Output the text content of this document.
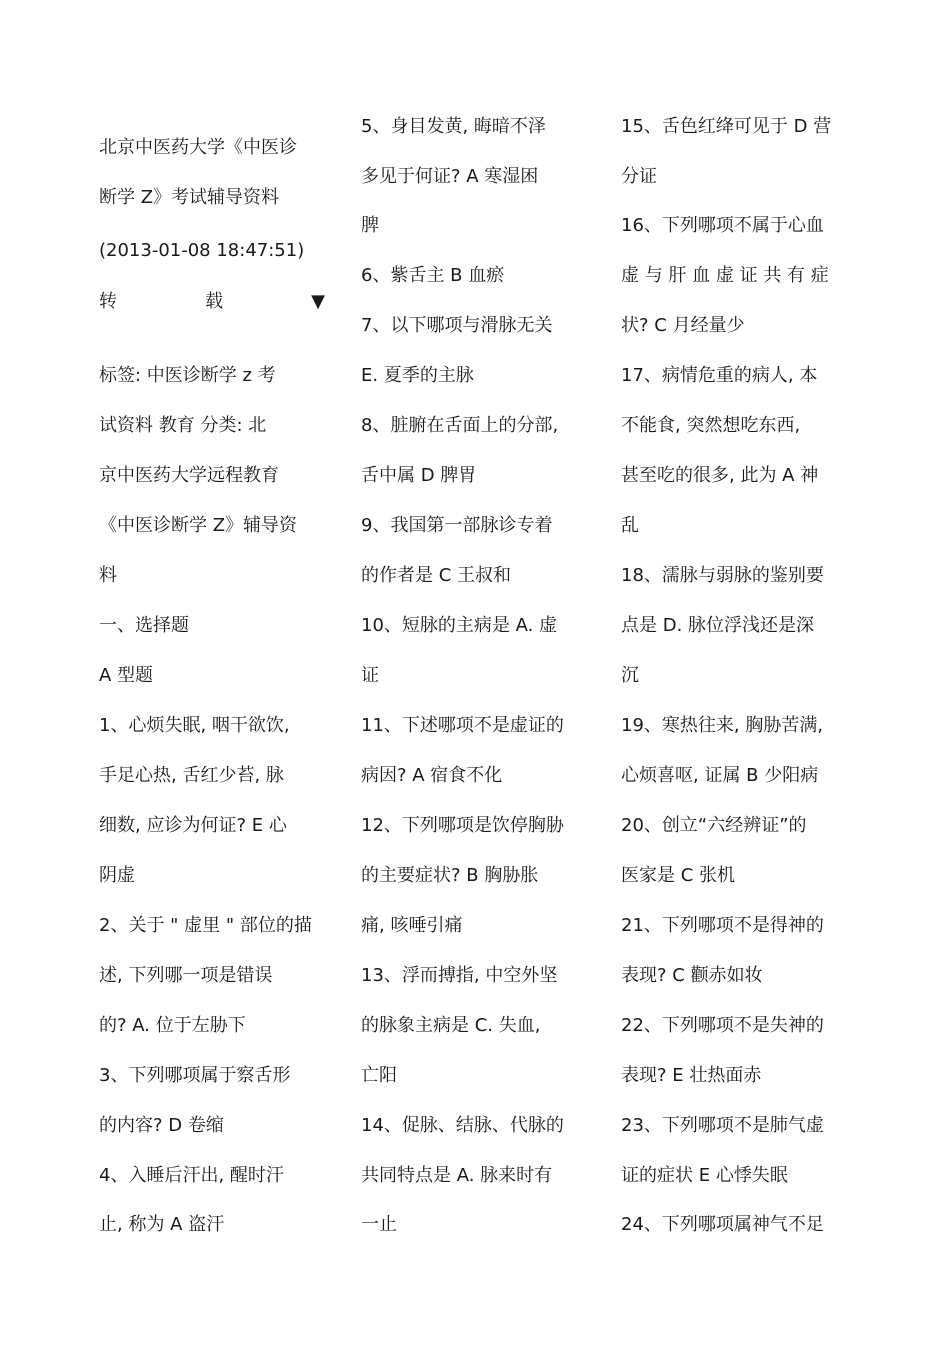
北京中医药大学《中医诊
断学 Z》考试辅导资料
(2013-01-08 18:47:51)
转	载	▼
标签: 中医诊断学 z 考
试资料 教育 分类: 北
京中医药大学远程教育
《中医诊断学 Z》辅导资
料
一、选择题
A 型题
1、心烦失眠, 咽干欲饮,
手足心热, 舌红少苔, 脉
细数, 应诊为何证? E 心
阴虚
2、关于 " 虚里 " 部位的描
述, 下列哪一项是错误
的? A. 位于左胁下
3、下列哪项属于察舌形
的内容? D 卷缩
4、入睡后汗出, 醒时汗
止, 称为 A 盗汗
5、身目发黄, 晦暗不泽
多见于何证? A 寒湿困
脾
6、紫舌主 B 血瘀
7、以下哪项与滑脉无关
E. 夏季的主脉
8、脏腑在舌面上的分部,
舌中属 D 脾胃
9、我国第一部脉诊专着
的作者是 C 王叔和
10、短脉的主病是 A. 虚
证
11、下述哪项不是虚证的
病因? A 宿食不化
12、下列哪项是饮停胸胁
的主要症状? B 胸胁胀
痛, 咳唾引痛
13、浮而搏指, 中空外坚
的脉象主病是 C. 失血,
亡阳
14、促脉、结脉、代脉的
共同特点是 A. 脉来时有
一止
15、舌色红绛可见于 D 营
分证
16、下列哪项不属于心血
虚 与 肝 血 虚 证 共 有 症
状? C 月经量少
17、病情危重的病人, 本
不能食, 突然想吃东西,
甚至吃的很多, 此为 A 神
乱
18、濡脉与弱脉的鉴别要
点是 D. 脉位浮浅还是深
沉
19、寒热往来, 胸胁苦满,
心烦喜呕, 证属 B 少阳病
20、创立“六经辨证”的
医家是 C 张机
21、下列哪项不是得神的
表现? C 颧赤如妆
22、下列哪项不是失神的
表现? E 壮热面赤
23、下列哪项不是肺气虚
证的症状 E 心悸失眠
24、下列哪项属神气不足
